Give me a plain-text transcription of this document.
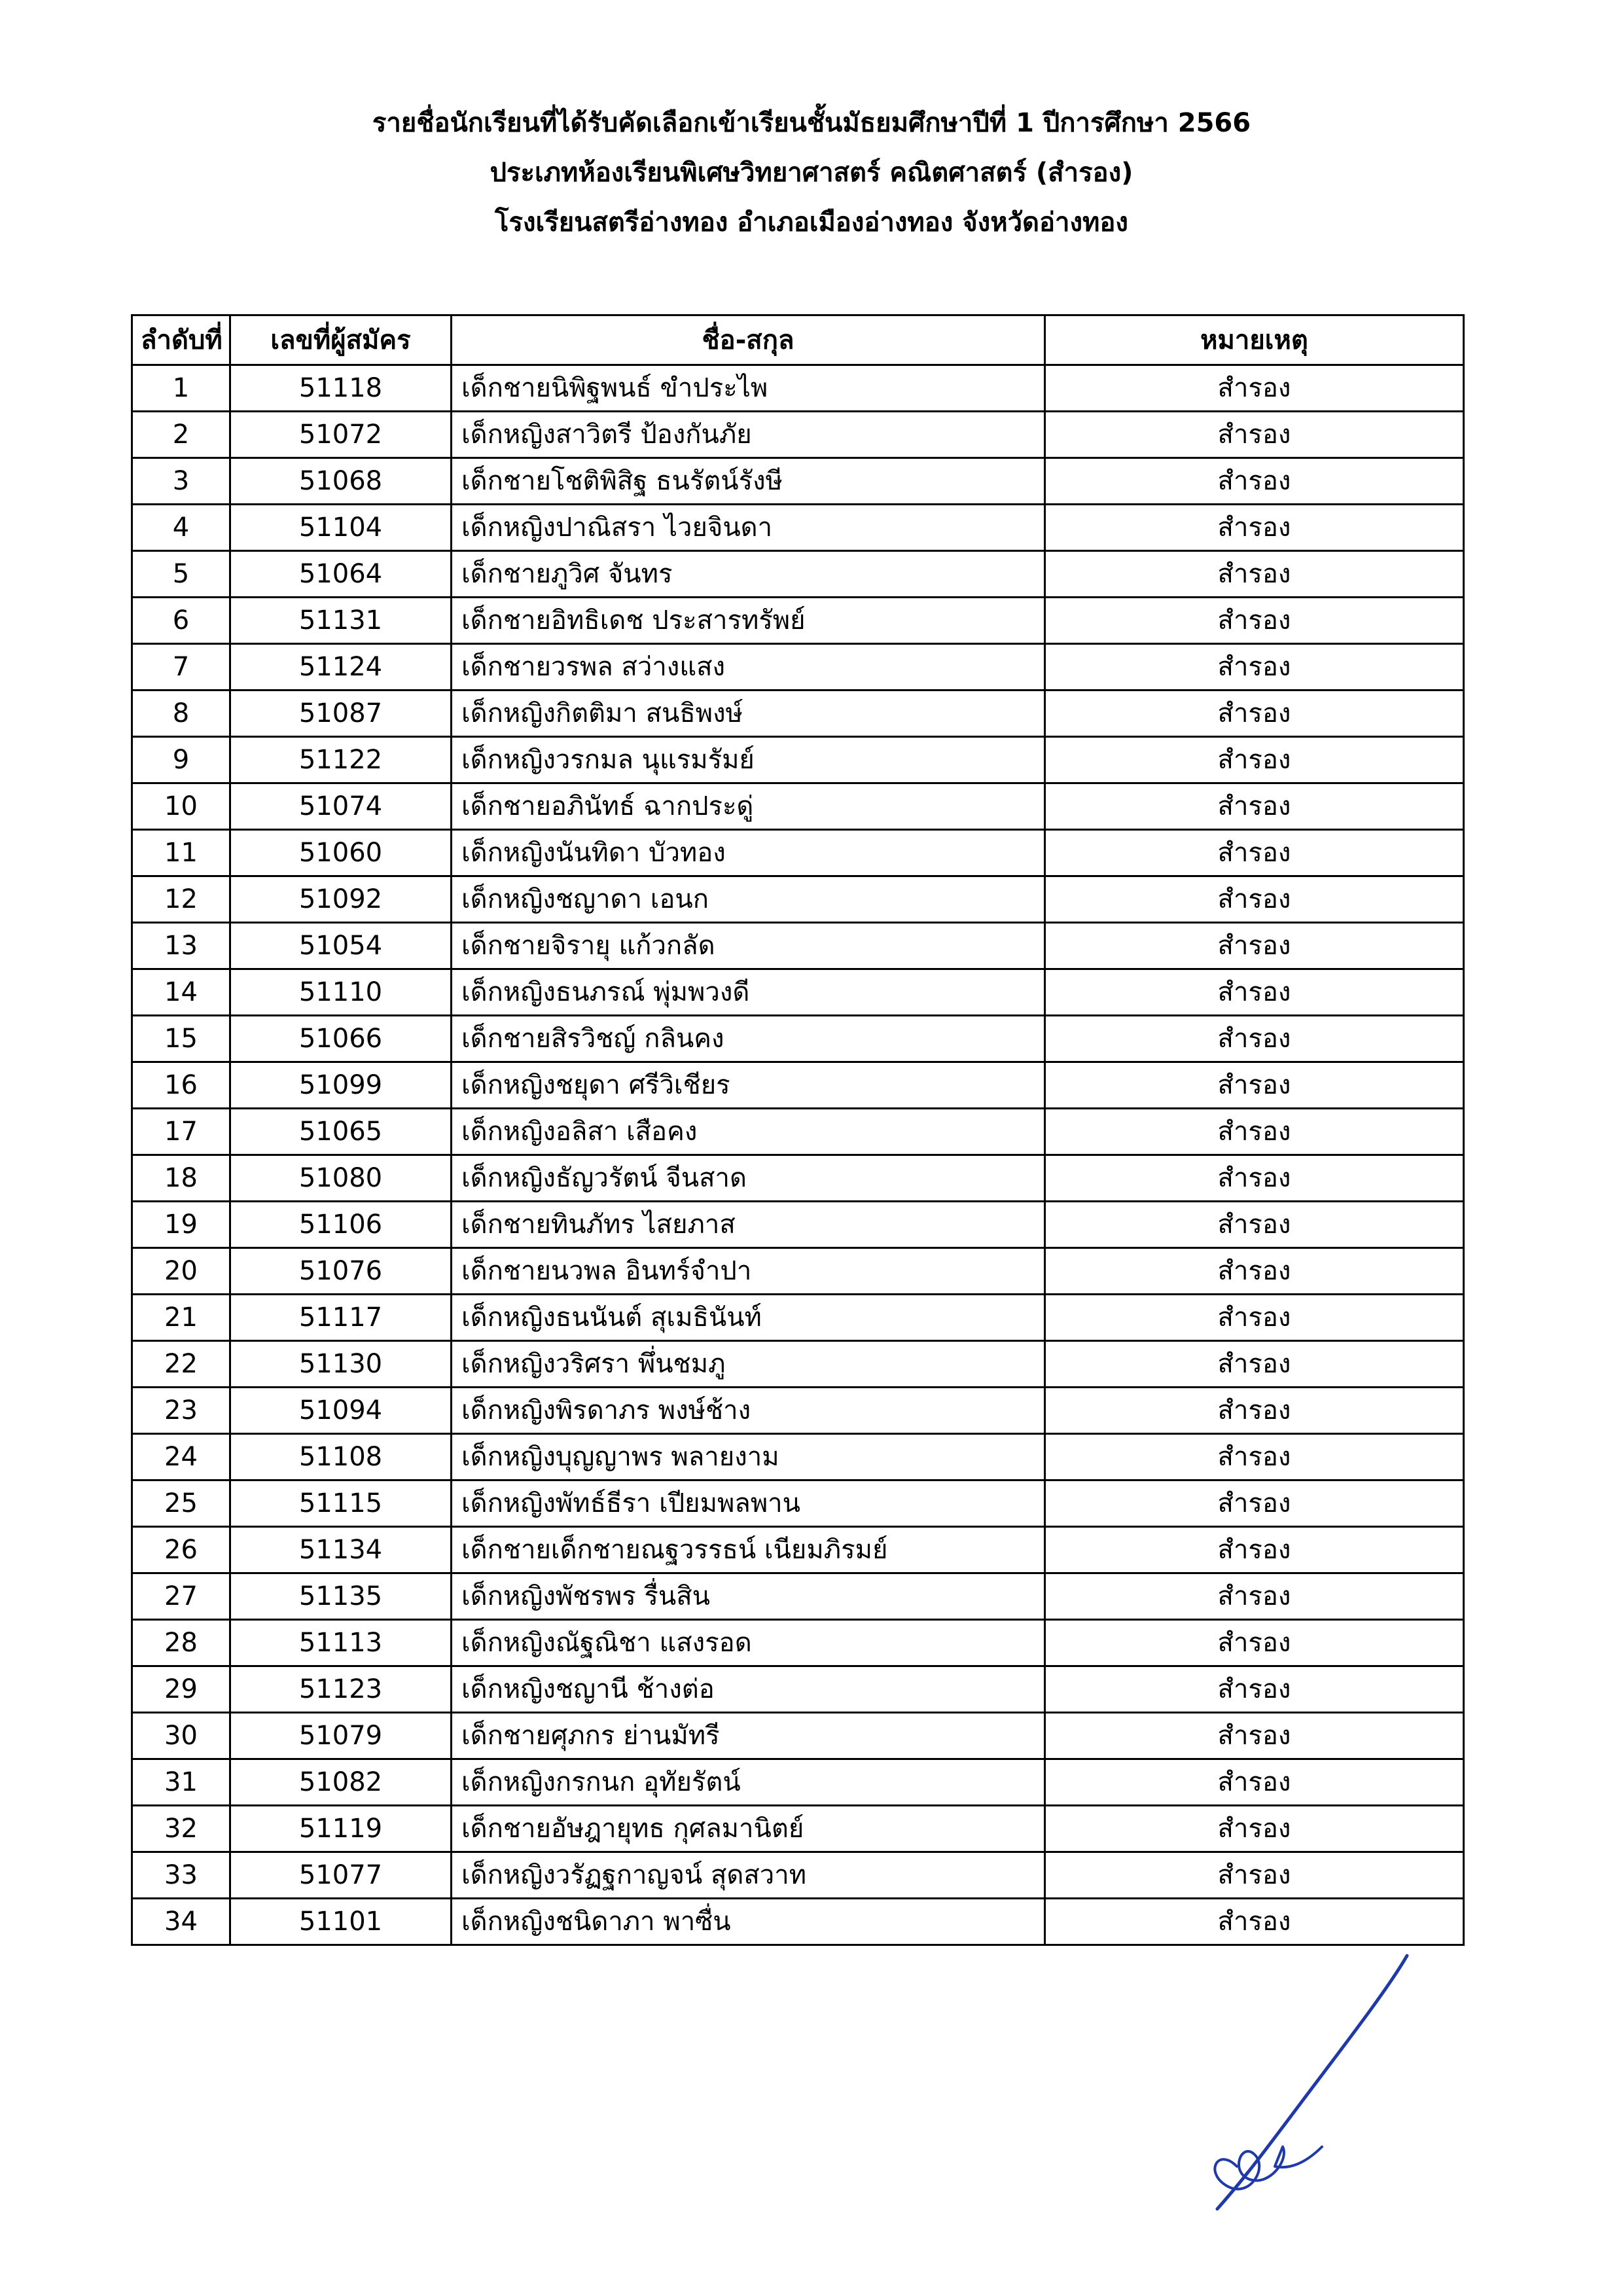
รายชื่อนักเรียนที่ได้รับคัดเลือกเข้าเรียนชั้นมัธยมศึกษาปีที่ 1 ปีการศึกษา 2566
ประเภทห้องเรียนพิเศษวิทยาศาสตร์ คณิตศาสตร์ (สำรอง)
โรงเรียนสตรีอ่างทอง อำเภอเมืองอ่างทอง จังหวัดอ่างทอง
ลำดับที่	เลขที่ผู้สมัคร	ชื่อ-สกุล	หมายเหตุ
1	51118	เด็กชายนิพิฐพนธ์ ขำประไพ	สำรอง
2	51072	เด็กหญิงสาวิตรี ป้องกันภัย	สำรอง
3	51068	เด็กชายโชติพิสิฐ ธนรัตน์รังษี	สำรอง
4	51104	เด็กหญิงปาณิสรา ไวยจินดา	สำรอง
5	51064	เด็กชายภูวิศ จันทร	สำรอง
6	51131	เด็กชายอิทธิเดช ประสารทรัพย์	สำรอง
7	51124	เด็กชายวรพล สว่างแสง	สำรอง
8	51087	เด็กหญิงกิตติมา สนธิพงษ์	สำรอง
9	51122	เด็กหญิงวรกมล นุแรมรัมย์	สำรอง
10	51074	เด็กชายอภินัทธ์ ฉากประดู่	สำรอง
11	51060	เด็กหญิงนันทิดา บัวทอง	สำรอง
12	51092	เด็กหญิงชญาดา เอนก	สำรอง
13	51054	เด็กชายจิรายุ แก้วกลัด	สำรอง
14	51110	เด็กหญิงธนภรณ์ พุ่มพวงดี	สำรอง
15	51066	เด็กชายสิรวิชญ์ กลินคง	สำรอง
16	51099	เด็กหญิงชยุดา ศรีวิเชียร	สำรอง
17	51065	เด็กหญิงอลิสา เสือคง	สำรอง
18	51080	เด็กหญิงธัญวรัตน์ จีนสาด	สำรอง
19	51106	เด็กชายทินภัทร ไสยภาส	สำรอง
20	51076	เด็กชายนวพล อินทร์จำปา	สำรอง
21	51117	เด็กหญิงธนนันต์ สุเมธินันท์	สำรอง
22	51130	เด็กหญิงวริศรา พึ่นชมภู	สำรอง
23	51094	เด็กหญิงพิรดาภร พงษ์ช้าง	สำรอง
24	51108	เด็กหญิงบุญญาพร พลายงาม	สำรอง
25	51115	เด็กหญิงพัทธ์ธีรา เปียมพลพาน	สำรอง
26	51134	เด็กชายเด็กชายณฐวรรธน์ เนียมภิรมย์	สำรอง
27	51135	เด็กหญิงพัชรพร รื่นสิน	สำรอง
28	51113	เด็กหญิงณัฐณิชา แสงรอด	สำรอง
29	51123	เด็กหญิงชญานี ช้างต่อ	สำรอง
30	51079	เด็กชายศุภกร ย่านมัทรี	สำรอง
31	51082	เด็กหญิงกรกนก อุทัยรัตน์	สำรอง
32	51119	เด็กชายอัษฎายุทธ กุศลมานิตย์	สำรอง
33	51077	เด็กหญิงวรัฏฐกาญจน์ สุดสวาท	สำรอง
34	51101	เด็กหญิงชนิดาภา พาซื่น	สำรอง
